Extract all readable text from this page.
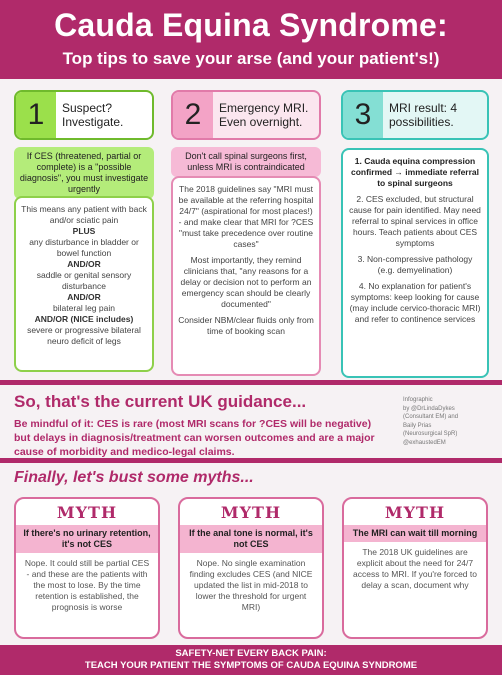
Cauda Equina Syndrome:
Top tips to save your arse (and your patient's!)
1	Suspect? Investigate.
If CES (threatened, partial or complete) is a "possible diagnosis", you must investigate urgently
This means any patient with back and/or sciatic pain
PLUS
any disturbance in bladder or bowel function
AND/OR
saddle or genital sensory disturbance
AND/OR
bilateral leg pain
AND/OR (NICE includes)
severe or progressive bilateral neuro deficit of legs
2	Emergency MRI. Even overnight.
Don't call spinal surgeons first, unless MRI is contraindicated

The 2018 guidelines say "MRI must be available at the referring hospital 24/7" (aspirational for most places!) - and make clear that MRI for ?CES "must take precedence over routine cases"

Most importantly, they remind clinicians that, "any reasons for a delay or decision not to perform an emergency scan should be clearly documented"

Consider NBM/clear fluids only from time of booking scan

3	MRI result: 4 possibilities.

1. Cauda equina compression confirmed → immediate referral to spinal surgeons

2. CES excluded, but structural cause for pain identified. May need referral to spinal services in office hours. Teach patients about CES symptoms

3. Non-compressive pathology (e.g. demyelination)

4. No explanation for patient's symptoms: keep looking for cause (may include cervico-thoracic MRI) and refer to continence services

So, that's the current UK guidance...
Be mindful of it: CES is rare (most MRI scans for ?CES will be negative) but delays in diagnosis/treatment can worsen outcomes and are a major cause of morbidity and medico-legal claims.
Infographic
by @DrLindaDykes
(Consultant EM) and
Baily Prias
(Neurosurgical SpR)
@exhaustedEM
Finally, let's bust some myths...
MYTH
If there's no urinary retention, it's not CES
Nope. It could still be partial CES - and these are the patients with the most to lose. By the time retention is established, the prognosis is worse
MYTH
If the anal tone is normal, it's not CES
Nope. No single examination finding excludes CES (and NICE updated the list in mid-2018 to lower the threshold for urgent MRI)
MYTH
The MRI can wait till morning
The 2018 UK guidelines are explicit about the need for 24/7 access to MRI. If you're forced to delay a scan, document why
SAFETY-NET EVERY BACK PAIN:
TEACH YOUR PATIENT THE SYMPTOMS OF CAUDA EQUINA SYNDROME
